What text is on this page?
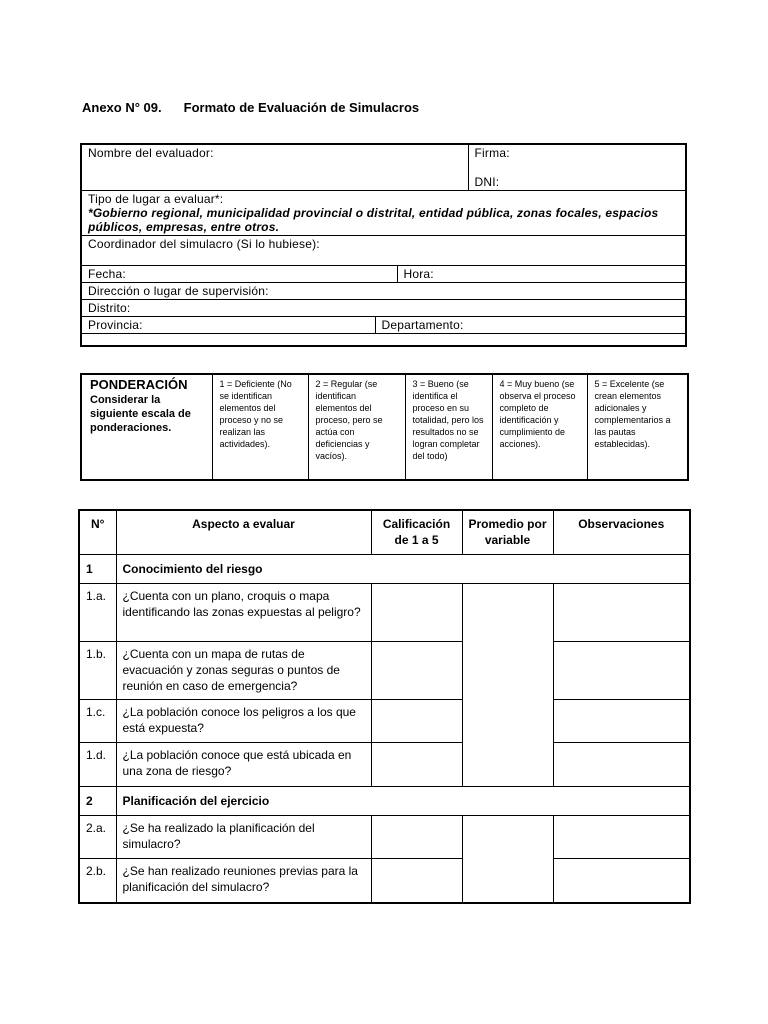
Anexo N° 09. Formato de Evaluación de Simulacros
Nombre del evaluador:			Firma:
			DNI:

Tipo de lugar a evaluar*:
*Gobierno regional, municipalidad provincial o distrital, entidad pública, zonas focales, espacios públicos, empresas, entre otros.			

Coordinador del simulacro (Si lo hubiese):			
Fecha:		Hora:	
Dirección o lugar de supervisión:			
Distrito:			
Provincia:	Departamento:		

PONDERACIÓN
Considerar la siguiente escala de ponderaciones.	1 = Deficiente (No se identifican elementos del proceso y no se realizan las actividades).	2 = Regular (se identifican elementos del proceso, pero se actúa con deficiencias y vacíos).	3 = Bueno (se identifica el proceso en su totalidad, pero los resultados no se logran completar del todo)	4 = Muy bueno (se observa el proceso completo de identificación y cumplimiento de acciones).	5 = Excelente (se crean elementos adicionales y complementarios a las pautas establecidas).
N°	Aspecto a evaluar	Calificación de 1 a 5	Promedio por variable	Observaciones
1	Conocimiento del riesgo			
1.a.	¿Cuenta con un plano, croquis o mapa identificando las zonas expuestas al peligro?			
1.b.	¿Cuenta con un mapa de rutas de evacuación y zonas seguras o puntos de reunión en caso de emergencia?			
1.c.	¿La población conoce los peligros a los que está expuesta?			
1.d.	¿La población conoce que está ubicada en una zona de riesgo?			
2	Planificación del ejercicio			
2.a.	¿Se ha realizado la planificación del simulacro?			
2.b.	¿Se han realizado reuniones previas para la planificación del simulacro?			
